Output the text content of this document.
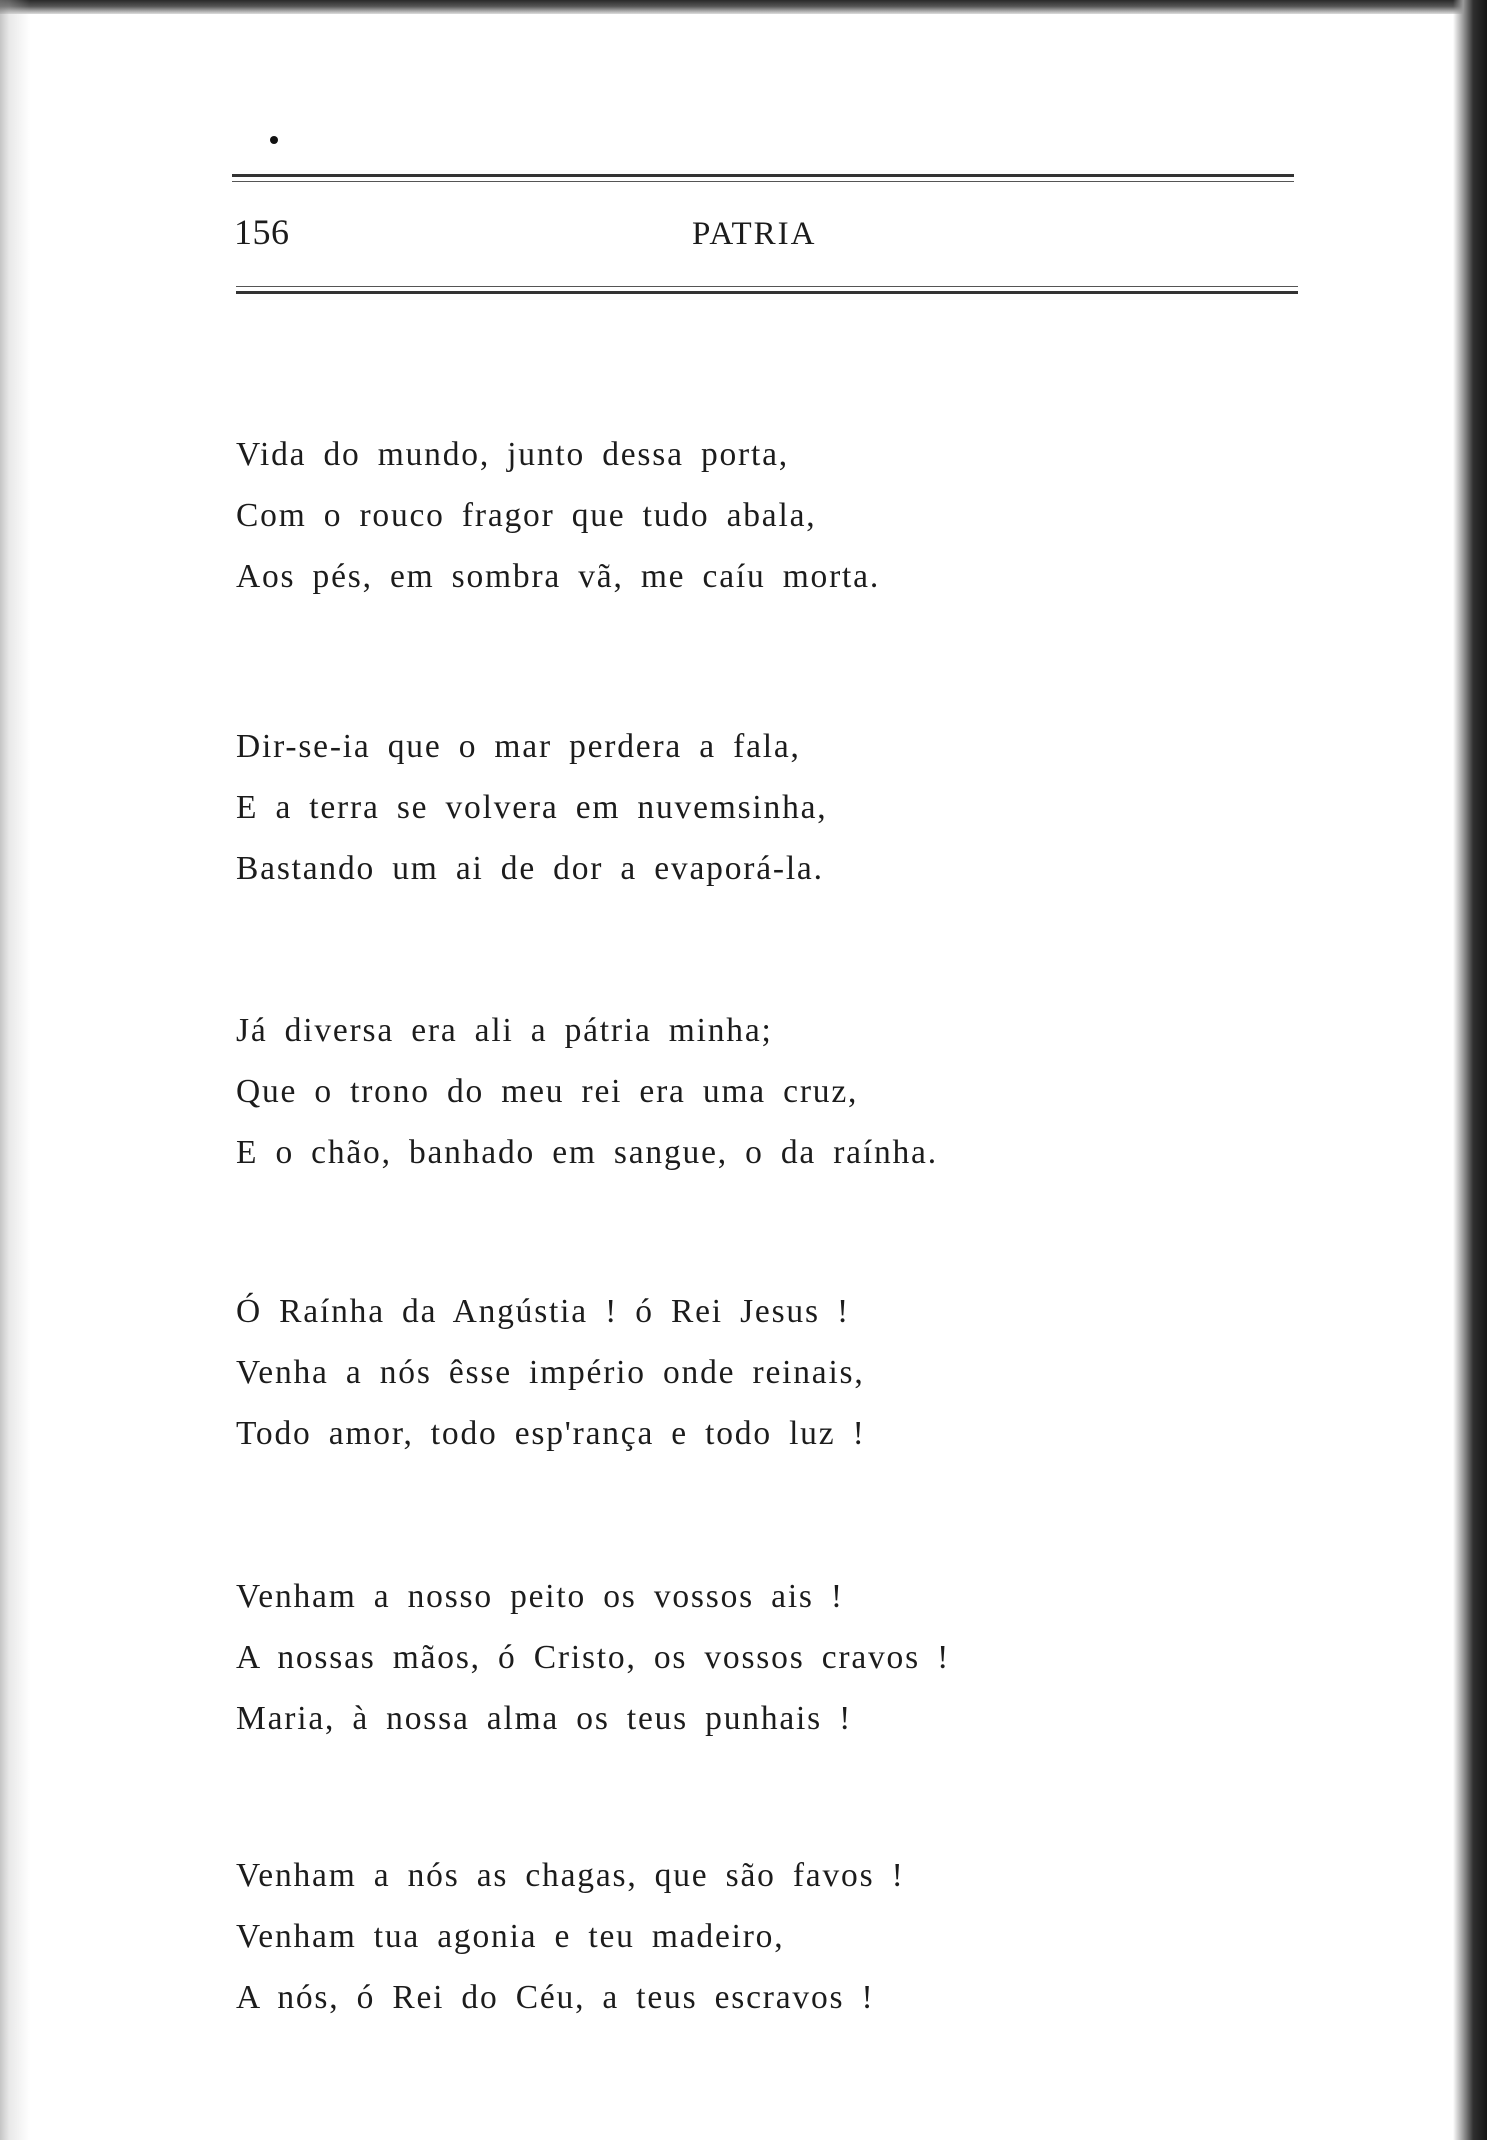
156	PATRIA
Vida do mundo, junto dessa porta,
Com o rouco fragor que tudo abala,
Aos pés, em sombra vã, me caíu morta.
Dir-se-ia que o mar perdera a fala,
E a terra se volvera em nuvemsinha,
Bastando um ai de dor a evaporá-la.
Já diversa era ali a pátria minha;
Que o trono do meu rei era uma cruz,
E o chão, banhado em sangue, o da raínha.
Ó Raínha da Angústia ! ó Rei Jesus !
Venha a nós êsse império onde reinais,
Todo amor, todo esp'rança e todo luz !
Venham a nosso peito os vossos ais !
A nossas mãos, ó Cristo, os vossos cravos !
Maria, à nossa alma os teus punhais !
Venham a nós as chagas, que são favos !
Venham tua agonia e teu madeiro,
A nós, ó Rei do Céu, a teus escravos !
